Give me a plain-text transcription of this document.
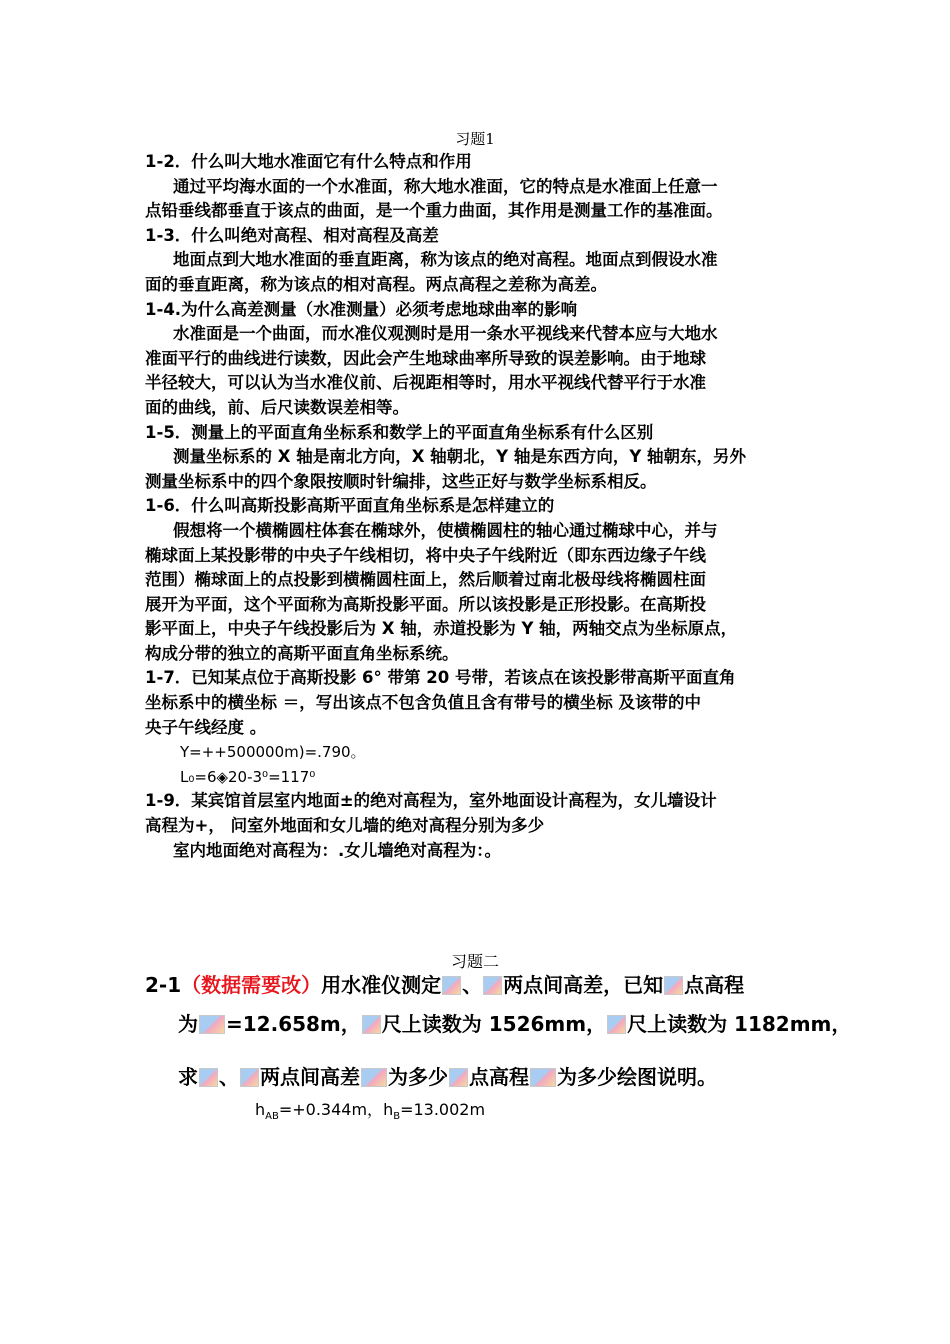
习题1
1-2．什么叫大地水准面它有什么特点和作用
通过平均海水面的一个水准面，称大地水准面，它的特点是水准面上任意一
点铅垂线都垂直于该点的曲面，是一个重力曲面，其作用是测量工作的基准面。
1-3．什么叫绝对高程、相对高程及高差
地面点到大地水准面的垂直距离，称为该点的绝对高程。地面点到假设水准
面的垂直距离，称为该点的相对高程。两点高程之差称为高差。
1-4.为什么高差测量（水准测量）必须考虑地球曲率的影响
水准面是一个曲面，而水准仪观测时是用一条水平视线来代替本应与大地水
准面平行的曲线进行读数，因此会产生地球曲率所导致的误差影响。由于地球
半径较大，可以认为当水准仪前、后视距相等时，用水平视线代替平行于水准
面的曲线，前、后尺读数误差相等。
1-5．测量上的平面直角坐标系和数学上的平面直角坐标系有什么区别
测量坐标系的 X 轴是南北方向，X 轴朝北，Y 轴是东西方向，Y 轴朝东，另外
测量坐标系中的四个象限按顺时针编排，这些正好与数学坐标系相反。
1-6．什么叫高斯投影高斯平面直角坐标系是怎样建立的
假想将一个横椭圆柱体套在椭球外，使横椭圆柱的轴心通过椭球中心，并与
椭球面上某投影带的中央子午线相切，将中央子午线附近（即东西边缘子午线
范围）椭球面上的点投影到横椭圆柱面上，然后顺着过南北极母线将椭圆柱面
展开为平面，这个平面称为高斯投影平面。所以该投影是正形投影。在高斯投
影平面上，中央子午线投影后为 X 轴，赤道投影为 Y 轴，两轴交点为坐标原点，
构成分带的独立的高斯平面直角坐标系统。
1-7．已知某点位于高斯投影 6° 带第 20 号带，若该点在该投影带高斯平面直角
坐标系中的横坐标 ＝，写出该点不包含负值且含有带号的横坐标 及该带的中
央子午线经度 。
Y=++500000m)=.790。
L₀=6◈20-3⁰=117⁰
1-9．某宾馆首层室内地面±的绝对高程为，室外地面设计高程为，女儿墙设计
高程为+， 问室外地面和女儿墙的绝对高程分别为多少
室内地面绝对高程为：.女儿墙绝对高程为：。
习题二
2-1（数据需要改）用水准仪测定 、 两点间高差，已知 点高程
为 =12.658m， 尺上读数为 1526mm， 尺上读数为 1182mm，
求 、 两点间高差 为多少 点高程 为多少绘图说明。
$h_{AB}=+0.344m$，$h_B=13.002m$
